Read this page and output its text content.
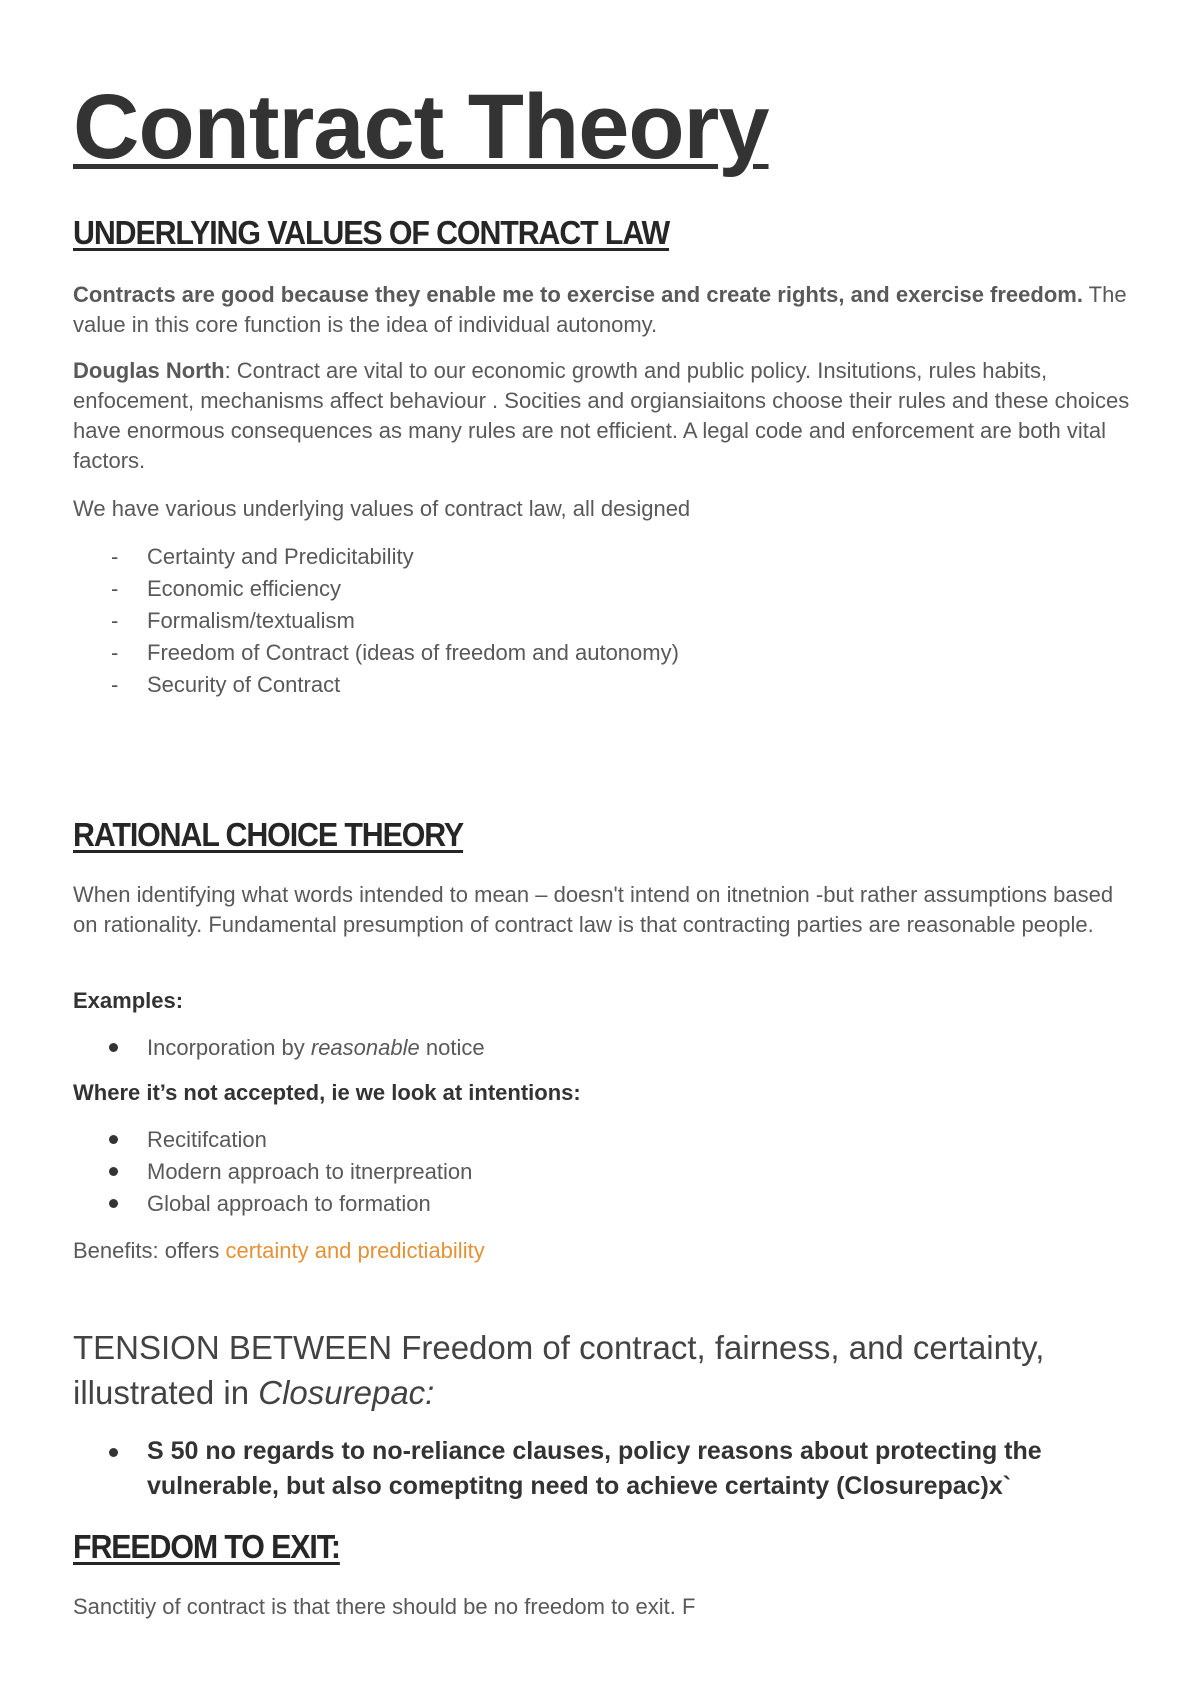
Contract Theory
UNDERLYING VALUES OF CONTRACT LAW

Contracts are good because they enable me to exercise and create rights, and exercise freedom. The value in this core function is the idea of individual autonomy.

Douglas North: Contract are vital to our economic growth and public policy. Insitutions, rules habits, enfocement, mechanisms affect behaviour . Socities and orgiansiaitons choose their rules and these choices have enormous consequences as many rules are not efficient. A legal code and enforcement are both vital factors.

We have various underlying values of contract law, all designed

- Certainty and Predicitability
- Economic efficiency
- Formalism/textualism
- Freedom of Contract (ideas of freedom and autonomy)
- Security of Contract
RATIONAL CHOICE THEORY

When identifying what words intended to mean – doesn't intend on itnetnion -but rather assumptions based on rationality. Fundamental presumption of contract law is that contracting parties are reasonable people.

Examples:

Incorporation by reasonable notice

Where it’s not accepted, ie we look at intentions:

Recitifcation
Modern approach to itnerpreation
Global approach to formation

Benefits: offers certainty and predictiability

TENSION BETWEEN Freedom of contract, fairness, and certainty, illustrated in Closurepac:

S 50 no regards to no-reliance clauses, policy reasons about protecting the vulnerable, but also comeptitng need to achieve certainty (Closurepac)x`
FREEDOM TO EXIT:

Sanctitiy of contract is that there should be no freedom to exit. F
